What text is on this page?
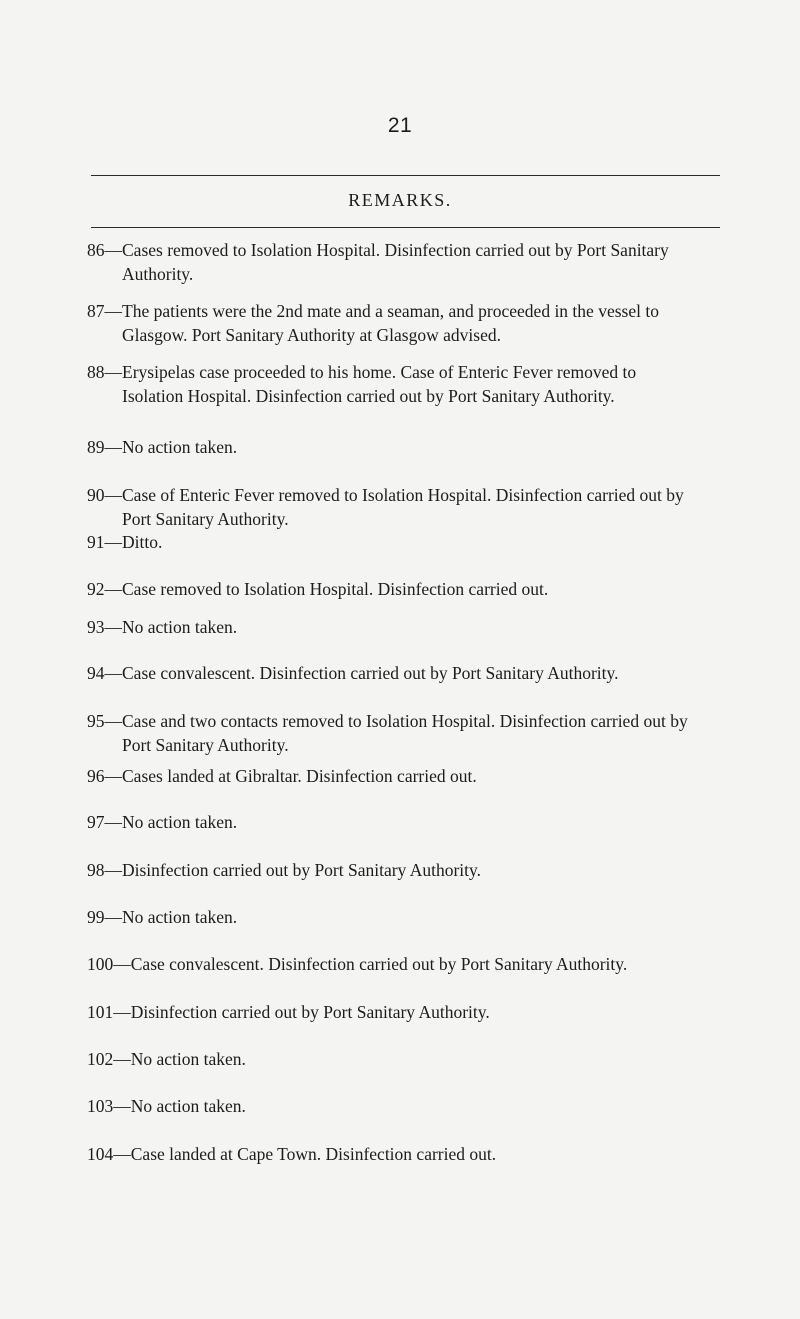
21
REMARKS.
86—Cases removed to Isolation Hospital. Disinfection carried out by Port Sanitary
Authority.
87—The patients were the 2nd mate and a seaman, and proceeded in the vessel to
Glasgow. Port Sanitary Authority at Glasgow advised.
88—Erysipelas case proceeded to his home. Case of Enteric Fever removed to
Isolation Hospital. Disinfection carried out by Port Sanitary Authority.
89—No action taken.
90—Case of Enteric Fever removed to Isolation Hospital. Disinfection carried out by
Port Sanitary Authority.
91—Ditto.
92—Case removed to Isolation Hospital. Disinfection carried out.
93—No action taken.
94—Case convalescent. Disinfection carried out by Port Sanitary Authority.
95—Case and two contacts removed to Isolation Hospital. Disinfection carried out by
Port Sanitary Authority.
96—Cases landed at Gibraltar. Disinfection carried out.
97—No action taken.
98—Disinfection carried out by Port Sanitary Authority.
99—No action taken.
100—Case convalescent. Disinfection carried out by Port Sanitary Authority.
101—Disinfection carried out by Port Sanitary Authority.
102—No action taken.
103—No action taken.
104—Case landed at Cape Town. Disinfection carried out.
